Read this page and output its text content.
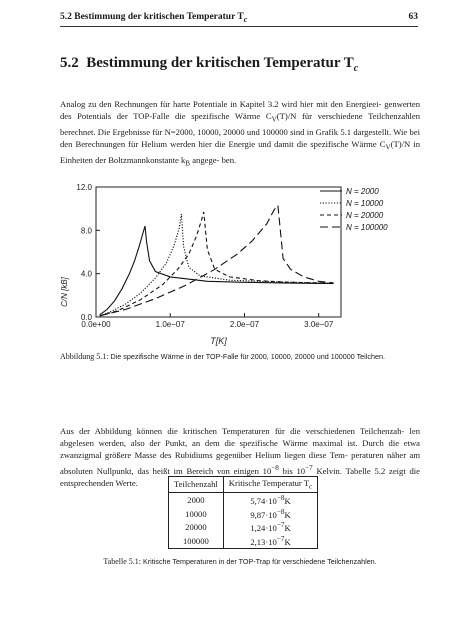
5.2 Bestimmung der kritischen Temperatur $T_c$	63
5.2 Bestimmung der kritischen Temperatur $T_c$
Analog zu den Rechnungen für harte Potentiale in Kapitel 3.2 wird hier mit den Energieei- genwerten des Potentials der TOP-Falle die spezifische Wärme $C_V(T)/N$ für verschiedene Teilchenzahlen berechnet. Die Ergebnisse für N=2000, 10000, 20000 und 100000 sind in Grafik 5.1 dargestellt. Wie bei den Berechnungen für Helium werden hier die Energie und damit die spezifische Wärme $C_V(T)/N$ in Einheiten der Boltzmannkonstante $k_B$ angege- ben.
0.0
4.0
8.0
12.0
0.0e+00	1.0e−07	2.0e−07	3.0e−07
T[K]
C/N [kB]
N = 2000
N = 10000
N = 20000
N = 100000
Abbildung 5.1: Die spezifische Wärme in der TOP-Falle für 2000, 10000, 20000 und 100000 Teilchen.
Aus der Abbildung können die kritischen Temperaturen für die verschiedenen Teilchenzah- len abgelesen werden, also der Punkt, an dem die spezifische Wärme maximal ist. Durch die etwa zwanzigmal größere Masse des Rubidiums gegenüber Helium liegen diese Tem- peraturen näher am absoluten Nullpunkt, das heißt im Bereich von einigen $10^{-8}$ bis $10^{-7}$ Kelvin. Tabelle 5.2 zeigt die entsprechenden Werte.	Teilchenzahl	Kritische Temperatur $T_c$
2000	$5,74\cdot 10^{-8}K$
10000	$9,87\cdot 10^{-8}K$
20000	$1,24\cdot 10^{-7}K$
100000	$2,13\cdot 10^{-7}K$
Tabelle 5.1: Kritische Temperaturen in der TOP-Trap für verschiedene Teilchenzahlen.
